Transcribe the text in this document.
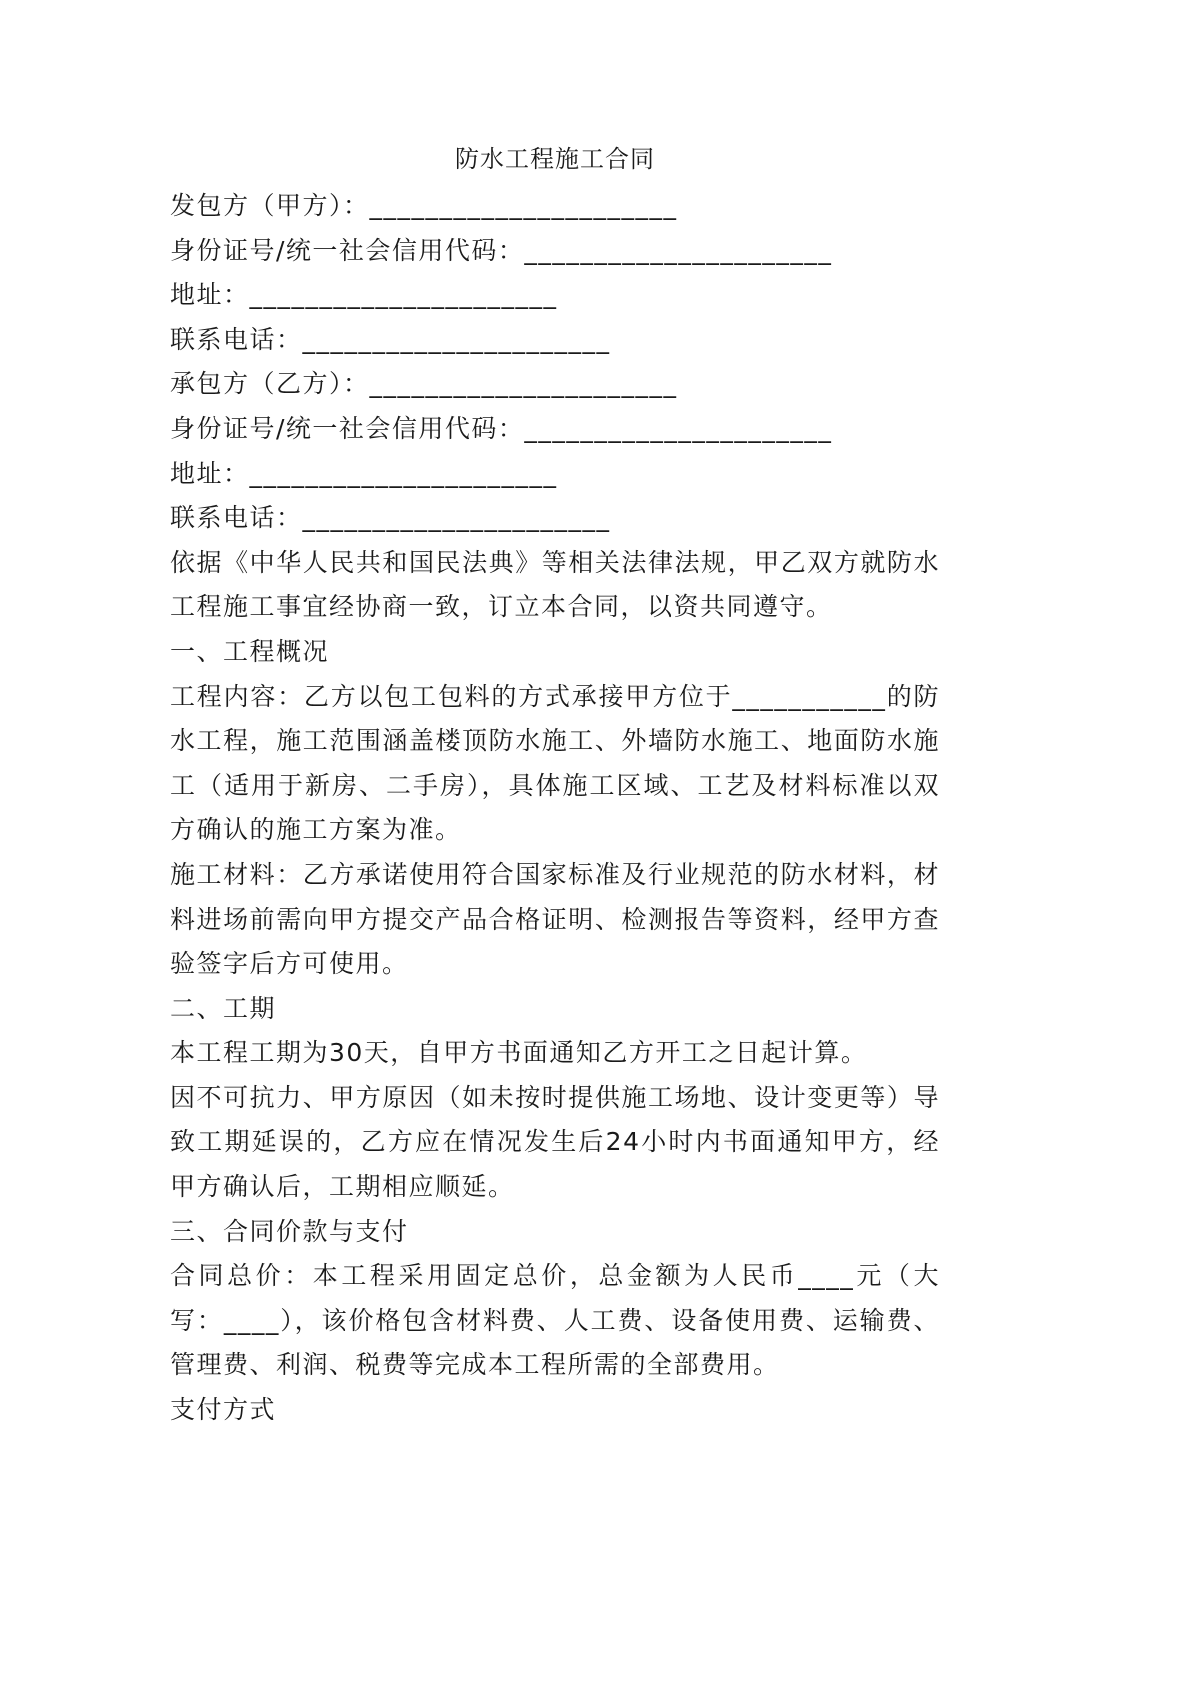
防水工程施工合同
发包方（甲方）：______________________
身份证号/统一社会信用代码：______________________
地址：______________________
联系电话：______________________
承包方（乙方）：______________________
身份证号/统一社会信用代码：______________________
地址：______________________
联系电话：______________________
依据《中华人民共和国民法典》等相关法律法规，甲乙双方就防水工程施工事宜经协商一致，订立本合同，以资共同遵守。
一、工程概况
工程内容：乙方以包工包料的方式承接甲方位于___________的防水工程，施工范围涵盖楼顶防水施工、外墙防水施工、地面防水施工（适用于新房、二手房），具体施工区域、工艺及材料标准以双方确认的施工方案为准。
施工材料：乙方承诺使用符合国家标准及行业规范的防水材料，材料进场前需向甲方提交产品合格证明、检测报告等资料，经甲方查验签字后方可使用。
二、工期
本工程工期为30天，自甲方书面通知乙方开工之日起计算。
因不可抗力、甲方原因（如未按时提供施工场地、设计变更等）导致工期延误的，乙方应在情况发生后24小时内书面通知甲方，经甲方确认后，工期相应顺延。
三、合同价款与支付
合同总价：本工程采用固定总价，总金额为人民币____元（大写：____），该价格包含材料费、人工费、设备使用费、运输费、管理费、利润、税费等完成本工程所需的全部费用。
支付方式
